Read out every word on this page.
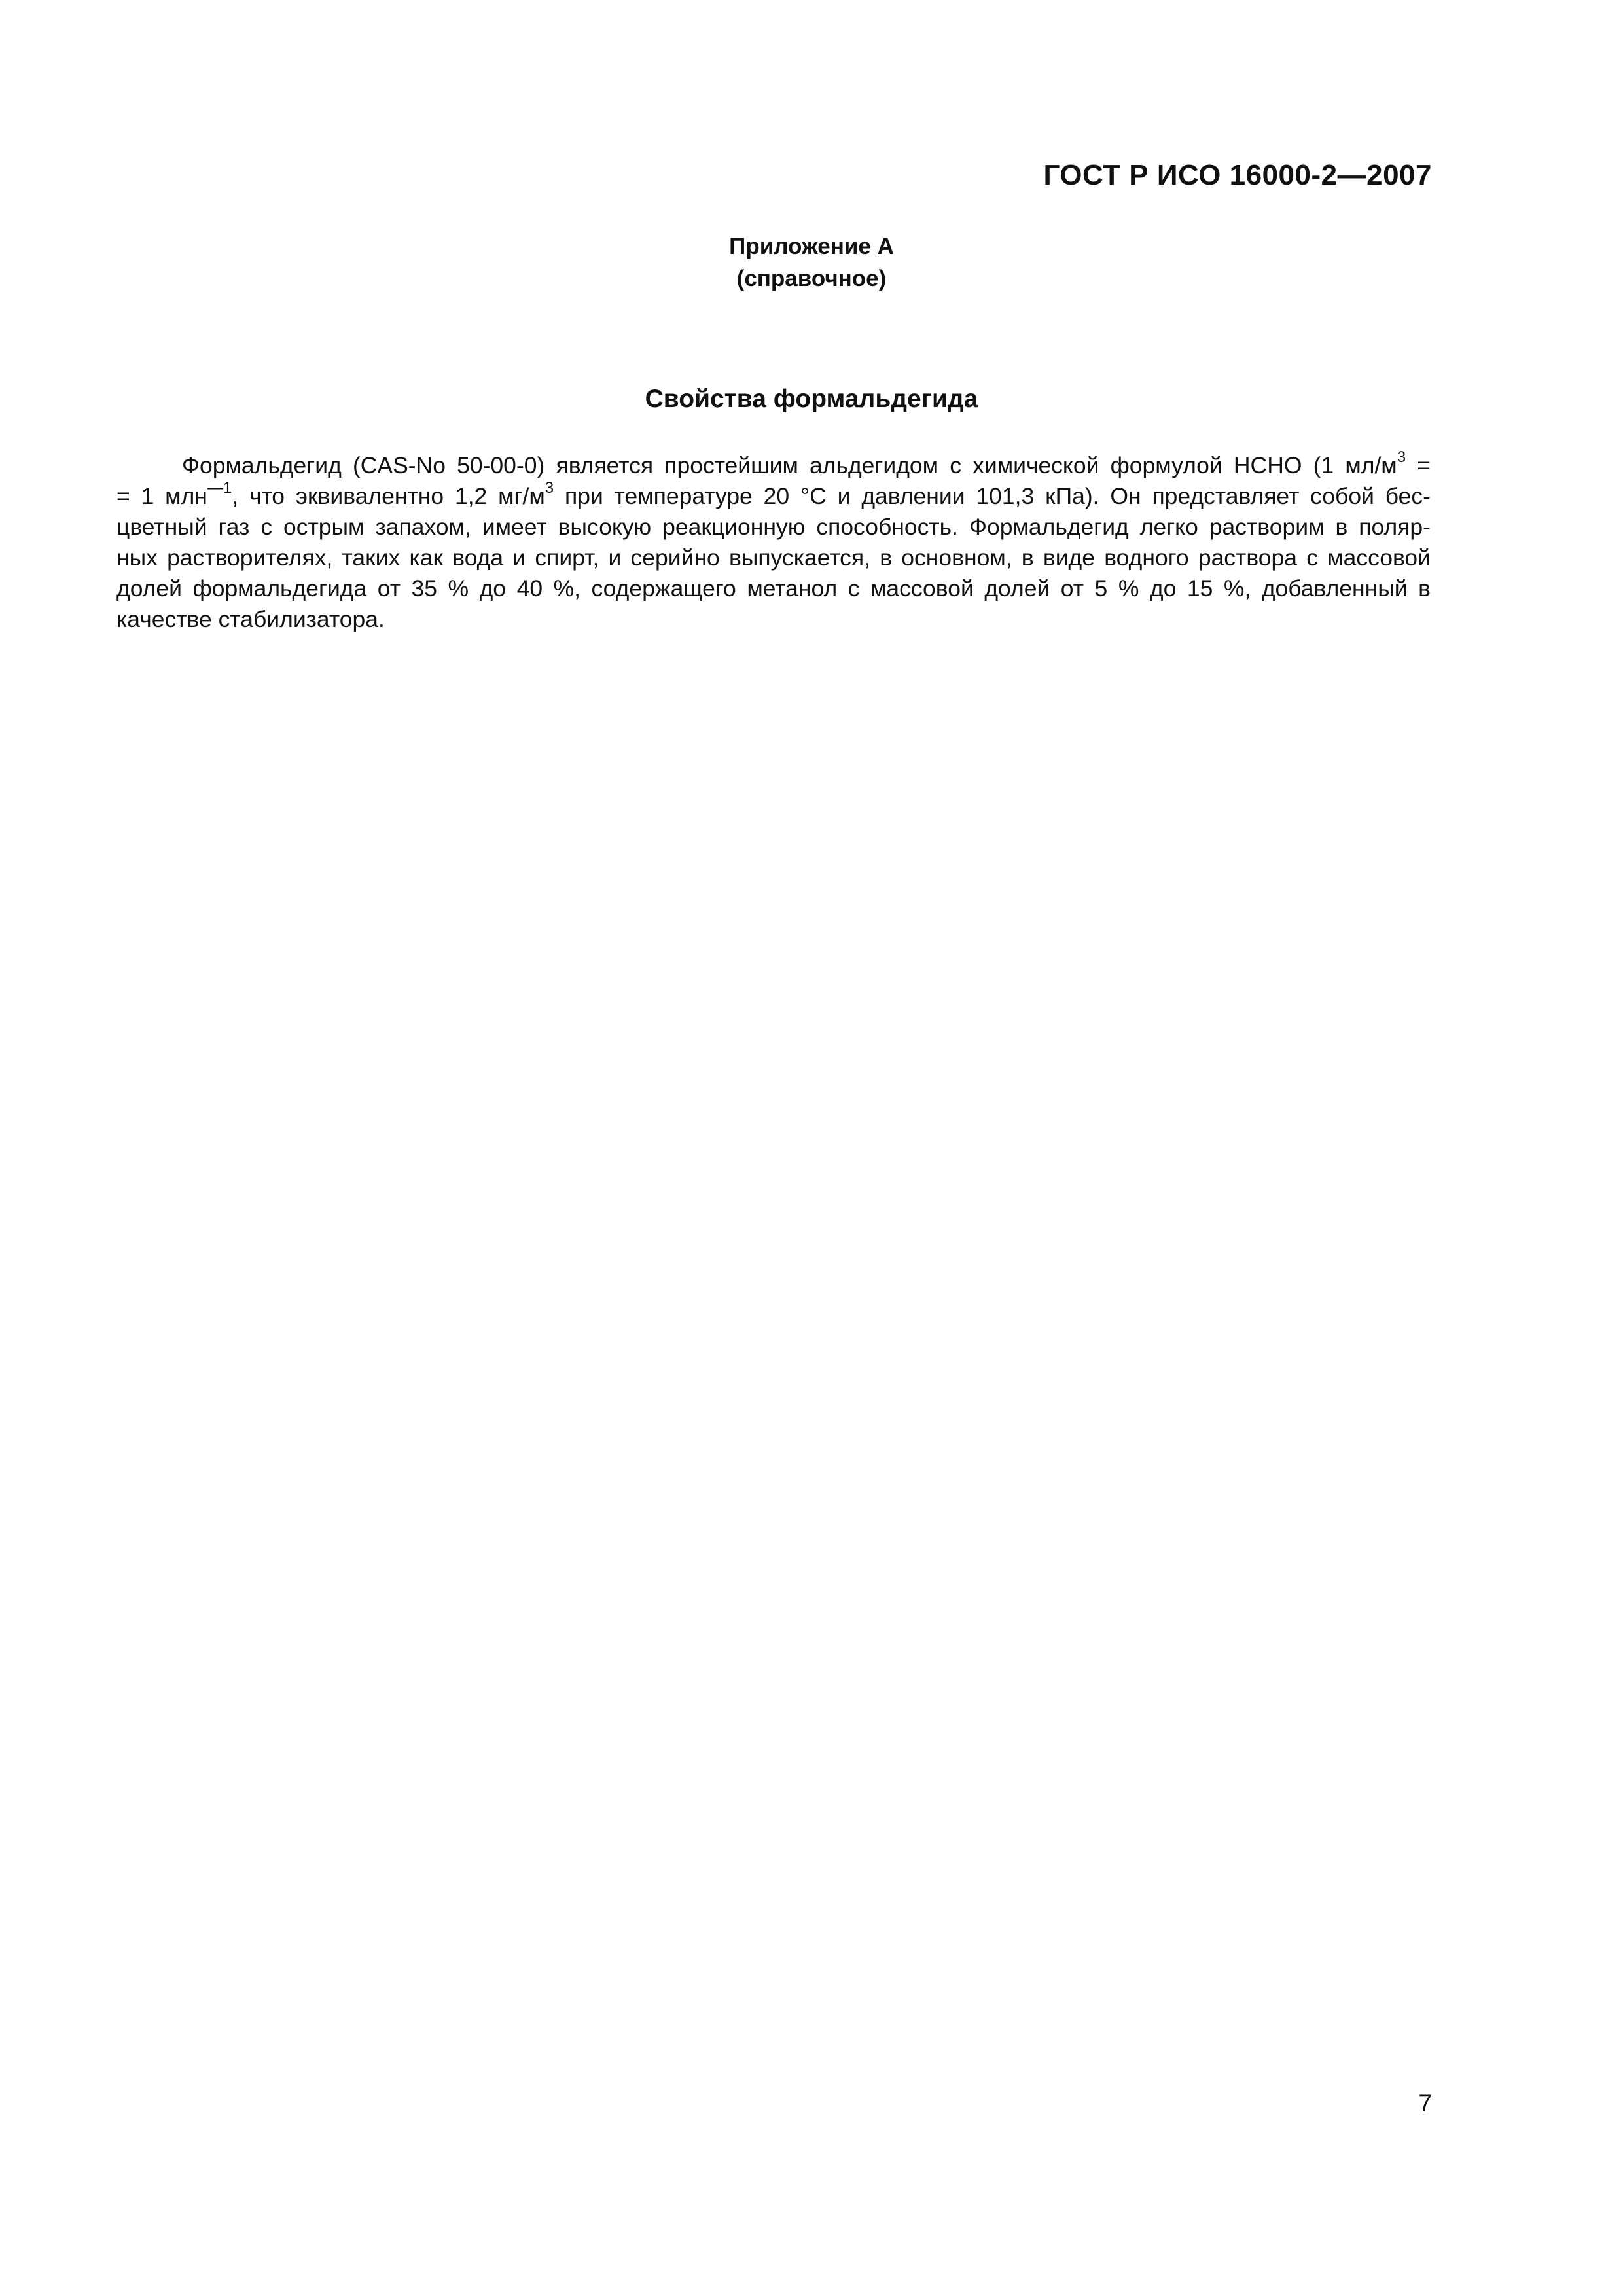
ГОСТ Р ИСО 16000-2—2007
Приложение А
(справочное)
Свойства формальдегида
Формальдегид (CAS-No 50-00-0) является простейшим альдегидом с химической формулой НСНО (1 $мл/м^3$ =
= 1 млн$^{—1}$, что эквивалентно 1,2 $мг/м^3$ при температуре 20 °С и давлении 101,3 кПа). Он представляет собой бес-
цветный газ с острым запахом, имеет высокую реакционную способность. Формальдегид легко растворим в поляр-
ных растворителях, таких как вода и спирт, и серийно выпускается, в основном, в виде водного раствора с массовой
долей формальдегида от 35 % до 40 %, содержащего метанол с массовой долей от 5 % до 15 %, добавленный в
качестве стабилизатора.
7
